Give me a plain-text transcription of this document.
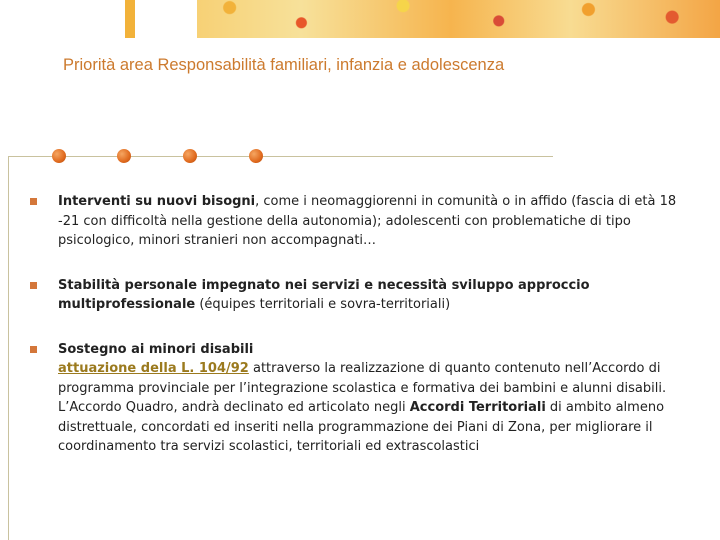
Priorità area Responsabilità familiari, infanzia e adolescenza
Interventi su nuovi bisogni, come i neomaggiorenni in comunità o in affido (fascia di età 18 -21 con difficoltà nella gestione della autonomia); adolescenti con problematiche di tipo psicologico, minori stranieri non accompagnati…
Stabilità personale impegnato nei servizi e necessità sviluppo approccio multiprofessionale (équipes territoriali e sovra-territoriali)
Sostegno ai minori disabili
attuazione della L. 104/92 attraverso la realizzazione di quanto contenuto nell’Accordo di programma provinciale per l’integrazione scolastica e formativa dei bambini e alunni disabili.
L’Accordo Quadro, andrà declinato ed articolato negli Accordi Territoriali di ambito almeno distrettuale, concordati ed inseriti nella programmazione dei Piani di Zona, per migliorare il coordinamento tra servizi scolastici, territoriali ed extrascolastici
